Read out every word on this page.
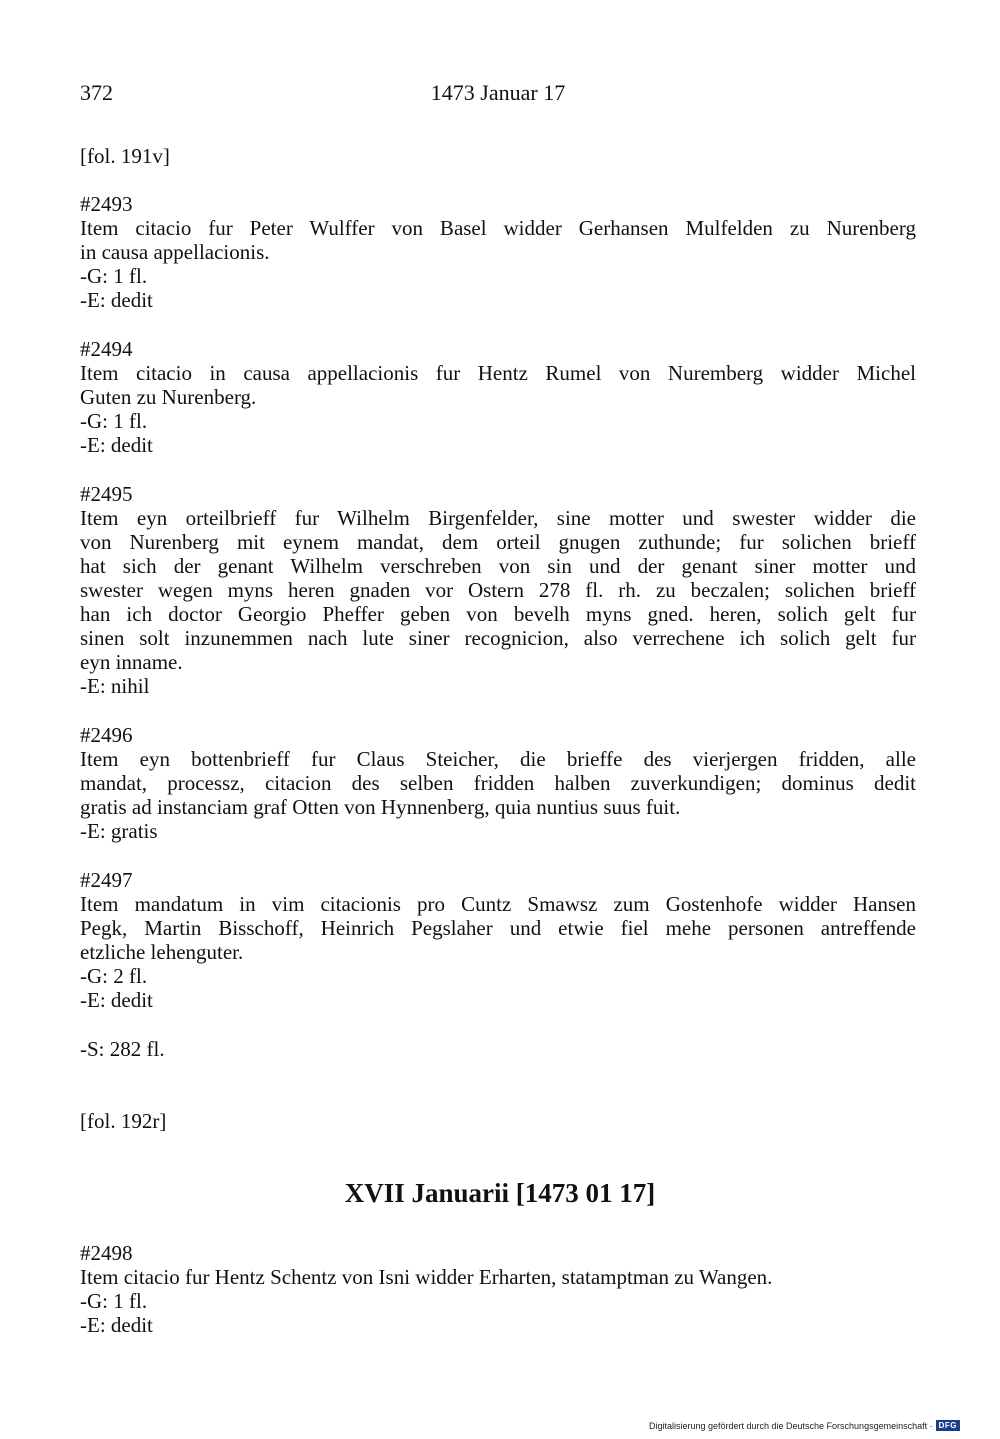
372	1473 Januar 17
[fol. 191v]
#2493
Item citacio fur Peter Wulffer von Basel widder Gerhansen Mulfelden zu Nurenberg
in causa appellacionis.
-G: 1 fl.
-E: dedit
#2494
Item citacio in causa appellacionis fur Hentz Rumel von Nuremberg widder Michel
Guten zu Nurenberg.
-G: 1 fl.
-E: dedit
#2495
Item eyn orteilbrieff fur Wilhelm Birgenfelder, sine motter und swester widder die
von Nurenberg mit eynem mandat, dem orteil gnugen zuthunde; fur solichen brieff
hat sich der genant Wilhelm verschreben von sin und der genant siner motter und
swester wegen myns heren gnaden vor Ostern 278 fl. rh. zu beczalen; solichen brieff
han ich doctor Georgio Pheffer geben von bevelh myns gned. heren, solich gelt fur
sinen solt inzunemmen nach lute siner recognicion, also verrechene ich solich gelt fur
eyn inname.
-E: nihil
#2496
Item eyn bottenbrieff fur Claus Steicher, die brieffe des vierjergen fridden, alle
mandat, processz, citacion des selben fridden halben zuverkundigen; dominus dedit
gratis ad instanciam graf Otten von Hynnenberg, quia nuntius suus fuit.
-E: gratis
#2497
Item mandatum in vim citacionis pro Cuntz Smawsz zum Gostenhofe widder Hansen
Pegk, Martin Bisschoff, Heinrich Pegslaher und etwie fiel mehe personen antreffende
etzliche lehenguter.
-G: 2 fl.
-E: dedit
-S: 282 fl.
[fol. 192r]
XVII Januarii [1473 01 17]
#2498
Item citacio fur Hentz Schentz von Isni widder Erharten, statamptman zu Wangen.
-G: 1 fl.
-E: dedit
Digitalisierung gefördert durch die Deutsche Forschungsgemeinschaft · DFG
